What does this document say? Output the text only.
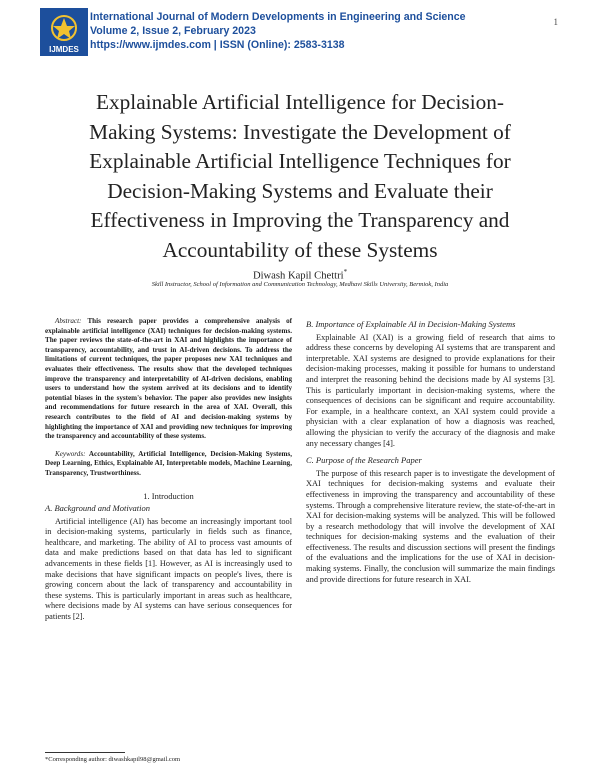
IJMDES
International Journal of Modern Developments in Engineering and Science
Volume 2, Issue 2, February 2023
https://www.ijmdes.com | ISSN (Online): 2583-3138
1
Explainable Artificial Intelligence for Decision-
Making Systems: Investigate the Development of
Explainable Artificial Intelligence Techniques for
Decision-Making Systems and Evaluate their
Effectiveness in Improving the Transparency and
Accountability of these Systems
Diwash Kapil Chettri*
Skill Instructor, School of Information and Communication Technology, Medhavi Skills University, Bermiok, India

Abstract: This research paper provides a comprehensive analysis of explainable artificial intelligence (XAI) techniques for decision-making systems. The paper reviews the state-of-the-art in XAI and highlights the importance of transparency, accountability, and trust in AI-driven decisions. To address the limitations of current techniques, the paper proposes new XAI techniques and evaluates their effectiveness. The results show that the developed techniques improve the transparency and interpretability of AI-driven decisions, enabling users to understand how the system arrived at its decisions and to identify potential biases in the system's behavior. The paper also provides new insights and recommendations for future research in the area of XAI. Overall, this research contributes to the field of AI and decision-making systems by highlighting the importance of XAI and providing new techniques for improving the transparency and accountability of these systems.

Keywords: Accountability, Artificial Intelligence, Decision-Making Systems, Deep Learning, Ethics, Explainable AI, Interpretable models, Machine Learning, Transparency, Trustworthiness.

1. Introduction
A. Background and Motivation

Artificial intelligence (AI) has become an increasingly important tool in decision-making systems, particularly in fields such as finance, healthcare, and marketing. The ability of AI to process vast amounts of data and make predictions based on that data has led to significant advancements in these fields [1]. However, as AI is increasingly used to make decisions that have significant impacts on people's lives, there is growing concern about the lack of transparency and accountability in these systems. This is particularly important in areas such as healthcare, where decisions made by AI systems can have serious consequences for patients [2].

B. Importance of Explainable AI in Decision-Making Systems

Explainable AI (XAI) is a growing field of research that aims to address these concerns by developing AI systems that are transparent and interpretable. XAI systems are designed to provide explanations for their decision-making processes, making it possible for humans to understand and interpret the reasoning behind the decisions made by AI systems [3]. This is particularly important in decision-making systems, where the consequences of decisions can be significant and require accountability. For example, in a healthcare context, an XAI system could provide a physician with a clear explanation of how a diagnosis was reached, allowing the physician to verify the accuracy of the diagnosis and make any necessary changes [4].

C. Purpose of the Research Paper

The purpose of this research paper is to investigate the development of XAI techniques for decision-making systems and evaluate their effectiveness in improving the transparency and accountability of these systems. Through a comprehensive literature review, the state-of-the-art in XAI for decision-making systems will be analyzed. This will be followed by a research methodology that will involve the development of XAI techniques for decision-making systems and the evaluation of their effectiveness. The results and discussion sections will present the findings of the evaluations and the implications for the use of XAI in decision-making systems. Finally, the conclusion will summarize the main findings and provide directions for future research in XAI.

*Corresponding author: diwashkapil98@gmail.com
